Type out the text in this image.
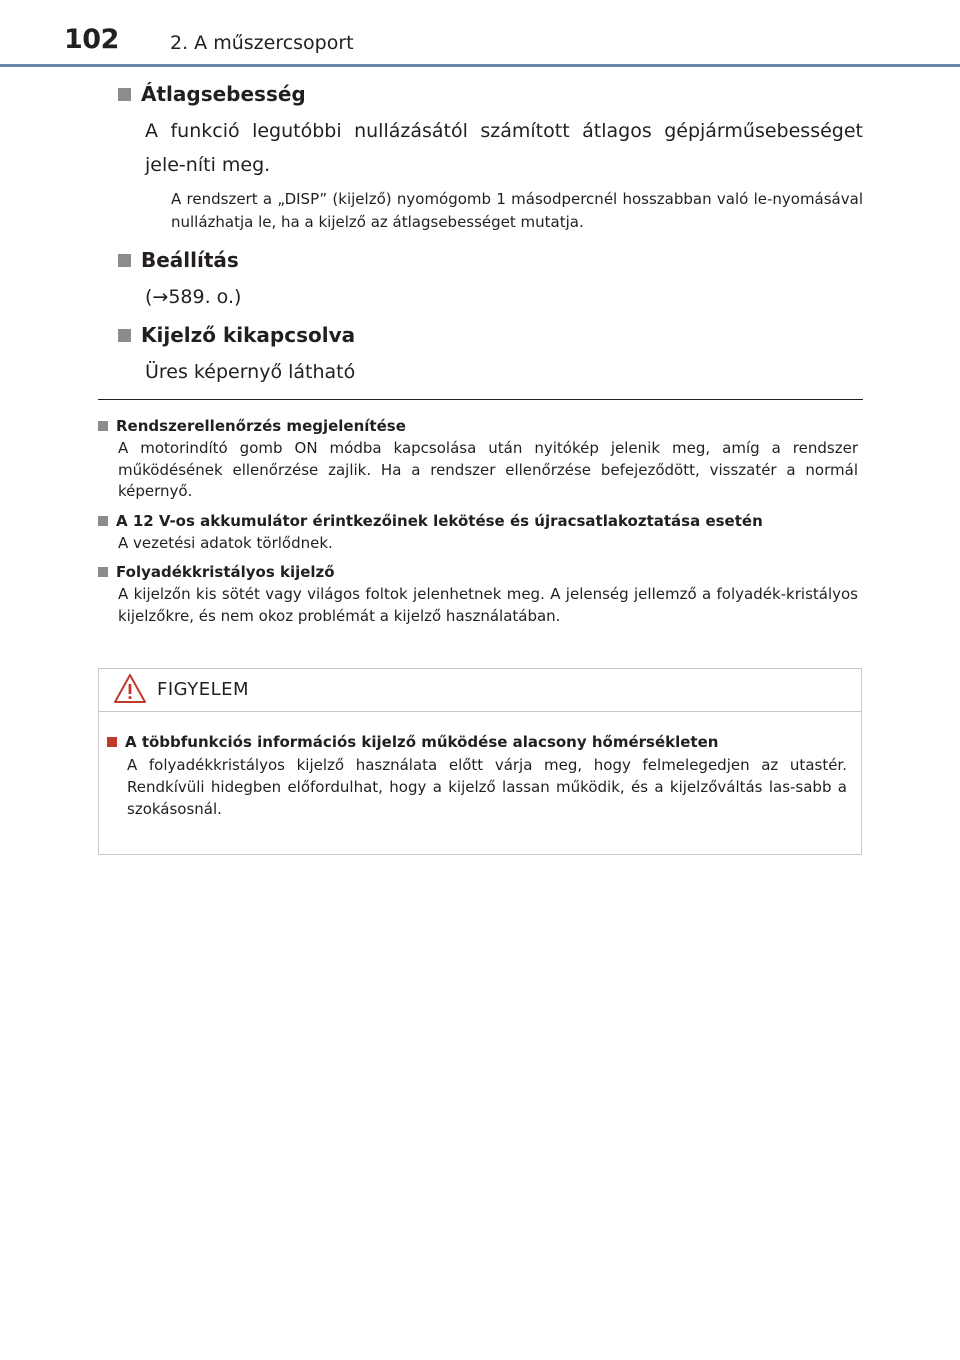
102	2. A műszercsoport
Átlagsebesség
A funkció legutóbbi nullázásától számított átlagos gépjárműsebességet jele-níti meg.
A rendszert a „DISP” (kijelző) nyomógomb 1 másodpercnél hosszabban való le-nyomásával nullázhatja le, ha a kijelző az átlagsebességet mutatja.
Beállítás
(→589. o.)
Kijelző kikapcsolva
Üres képernyő látható
Rendszerellenőrzés megjelenítése
A motorindító gomb ON módba kapcsolása után nyitókép jelenik meg, amíg a rendszer működésének ellenőrzése zajlik. Ha a rendszer ellenőrzése befejeződött, visszatér a normál képernyő.
A 12 V-os akkumulátor érintkezőinek lekötése és újracsatlakoztatása esetén
A vezetési adatok törlődnek.
Folyadékkristályos kijelző
A kijelzőn kis sötét vagy világos foltok jelenhetnek meg. A jelenség jellemző a folyadék-kristályos kijelzőkre, és nem okoz problémát a kijelző használatában.
FIGYELEM
A többfunkciós információs kijelző működése alacsony hőmérsékleten
A folyadékkristályos kijelző használata előtt várja meg, hogy felmelegedjen az utastér. Rendkívüli hidegben előfordulhat, hogy a kijelző lassan működik, és a kijelzőváltás las-sabb a szokásosnál.
